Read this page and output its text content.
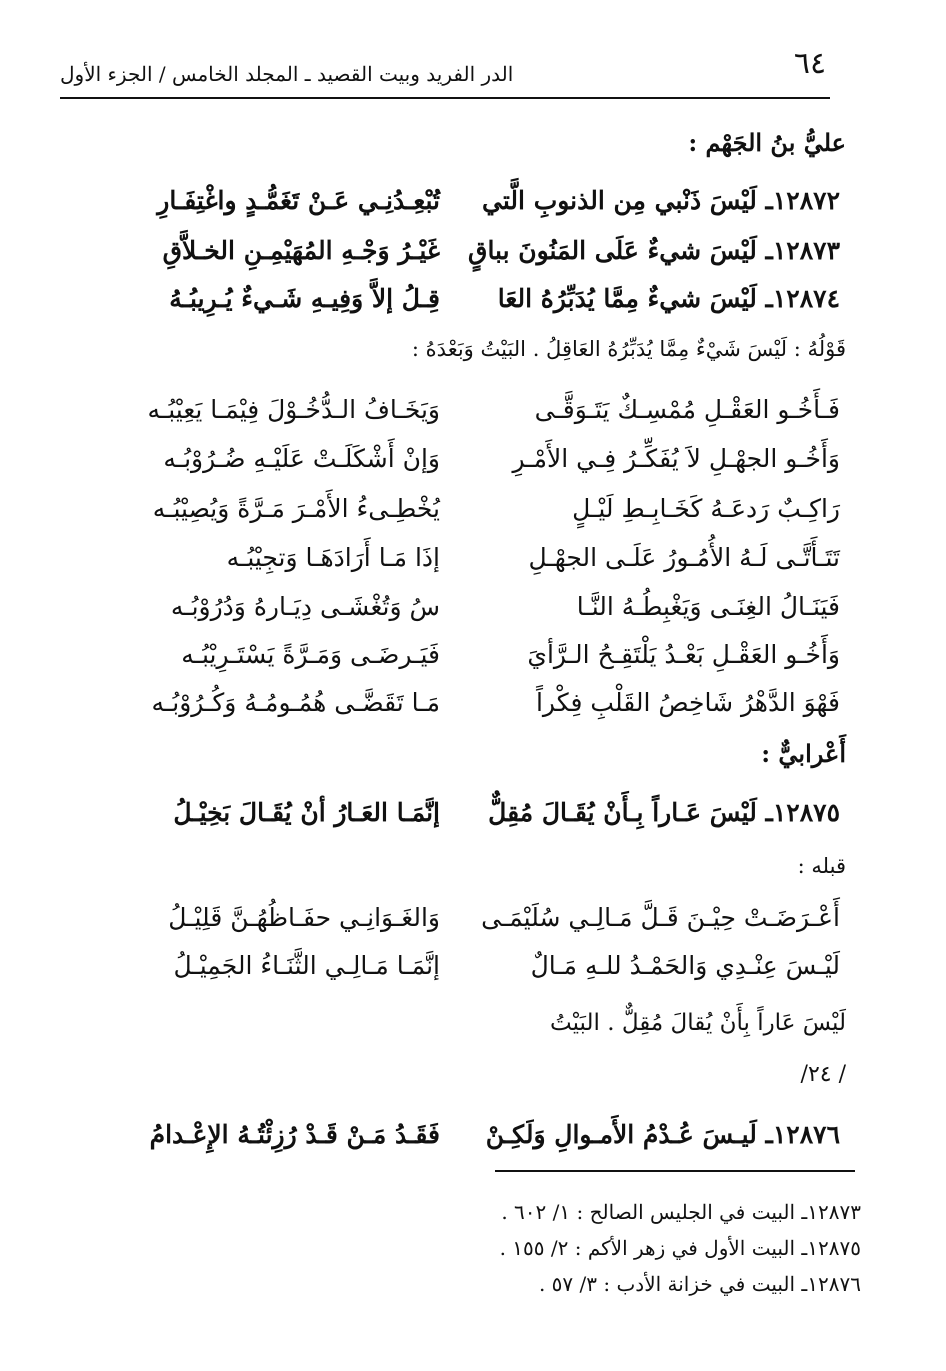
٦٤
الدر الفريد وبيت القصيد ـ المجلد الخامس / الجزء الأول
عليُّ بنُ الجَهْم :
١٢٨٧٢ـ لَيْسَ ذَنْبي مِن الذنوبِ الَّتي
تُبْعِـدُنِـي عَـنْ تَغَمُّـدٍ واغْتِفَـارِ
١٢٨٧٣ـ لَيْسَ شيءٌ عَلَى المَنُونَ بباقٍ
غَيْـرُ وَجْـهِ المُهَيْمِـنِ الخـلاَّقِ
١٢٨٧٤ـ لَيْسَ شيءٌ مِمَّا يُدَبِّرُهُ العَا
قِـلُ إلاَّ وَفِيـهِ شَـيءٌ يُـرِيبُـهُ
قَوْلُهُ : لَيْسَ شَيْءٌ مِمَّا يُدَبِّرُهُ العَاقِلُ . البَيْتُ وَبَعْدَهُ :
فَـأَخُـو العَقْـلِ مُمْسِـكٌ يَتَـوَقَّـى
وَيَخَـافُ الـدُّخُـوْلَ فِيْمَـا يَعِيْبُـه
وَأَخُـو الجهْـلِ لاَ يُفَكِّـرُ فِـي الأَمْـرِ
وَإنْ أَشْكَلَـتْ عَلَيْـهِ ضُـرُوْبُـه
رَاكِـبٌ رَدعَـهُ كَخَـابِـطِ لَيْـلٍ
يُخْطِـىءُ الأَمْـرَ مَـرَّةً وَيُصِيْبُـه
تَتَـأَتَّـى لَـهُ الأُمُـورُ عَلَـى الجهْـلِ
إذَا مَـا أَرَادَهَـا وَتجِيْبُـه
فَيَنَـالُ الغِنَـى وَيَغْبِطُـهُ النَّـا
سُ وَتُغْشَـى دِيَـارهُ وَدُرُوْبُـه
وَأَخُـو العَقْـلِ بَعْـدُ يَلْتَقِـحُ الـرَّأيَ
فَيَـرضَـى وَمَـرَّةً يَسْتَـرِيْبُـه
فَهْوَ الدَّهْرُ شَاخِصُ القَلْبِ فِكْراً
مَـا تَقَضَّـى هُمُـومُـهُ وَكُـرُوْبُـه
أَعْرابيٌّ :
١٢٨٧٥ـ لَيْسَ عَـاراً بِـأَنْ يُقَـالَ مُقِلٌّ
إنَّمَـا العَـارُ أنْ يُقَـالَ بَخِيْـلُ
قبله :
أَعْـرَضَـتْ حِيْـنَ قَـلَّ مَـالِـي سُلَيْمَـى
وَالغَـوَانِـي حفَـاظُهُـنَّ قَلِيْـلُ
لَيْـسَ عِنْـدِي وَالحَمْـدُ للـهِ مَـالٌ
إنَّمَـا مَـالِـي الثَّنَـاءُ الجَمِيْـلُ
لَيْسَ عَاراً بِأَنْ يُقالَ مُقِلٌّ . البَيْتُ
/ ٢٤/
١٢٨٧٦ـ لَيـسَ عُـدْمُ الأَمـوالِ وَلَكِـنْ
فَقَـدُ مَـنْ قَـدْ رُزِئْتُـهُ الإِعْـدامُ
١٢٨٧٣ـ البيت في الجليس الصالح : ١/ ٦٠٢ .
١٢٨٧٥ـ البيت الأول في زهر الأكم : ٢/ ١٥٥ .
١٢٨٧٦ـ البيت في خزانة الأدب : ٣/ ٥٧ .
